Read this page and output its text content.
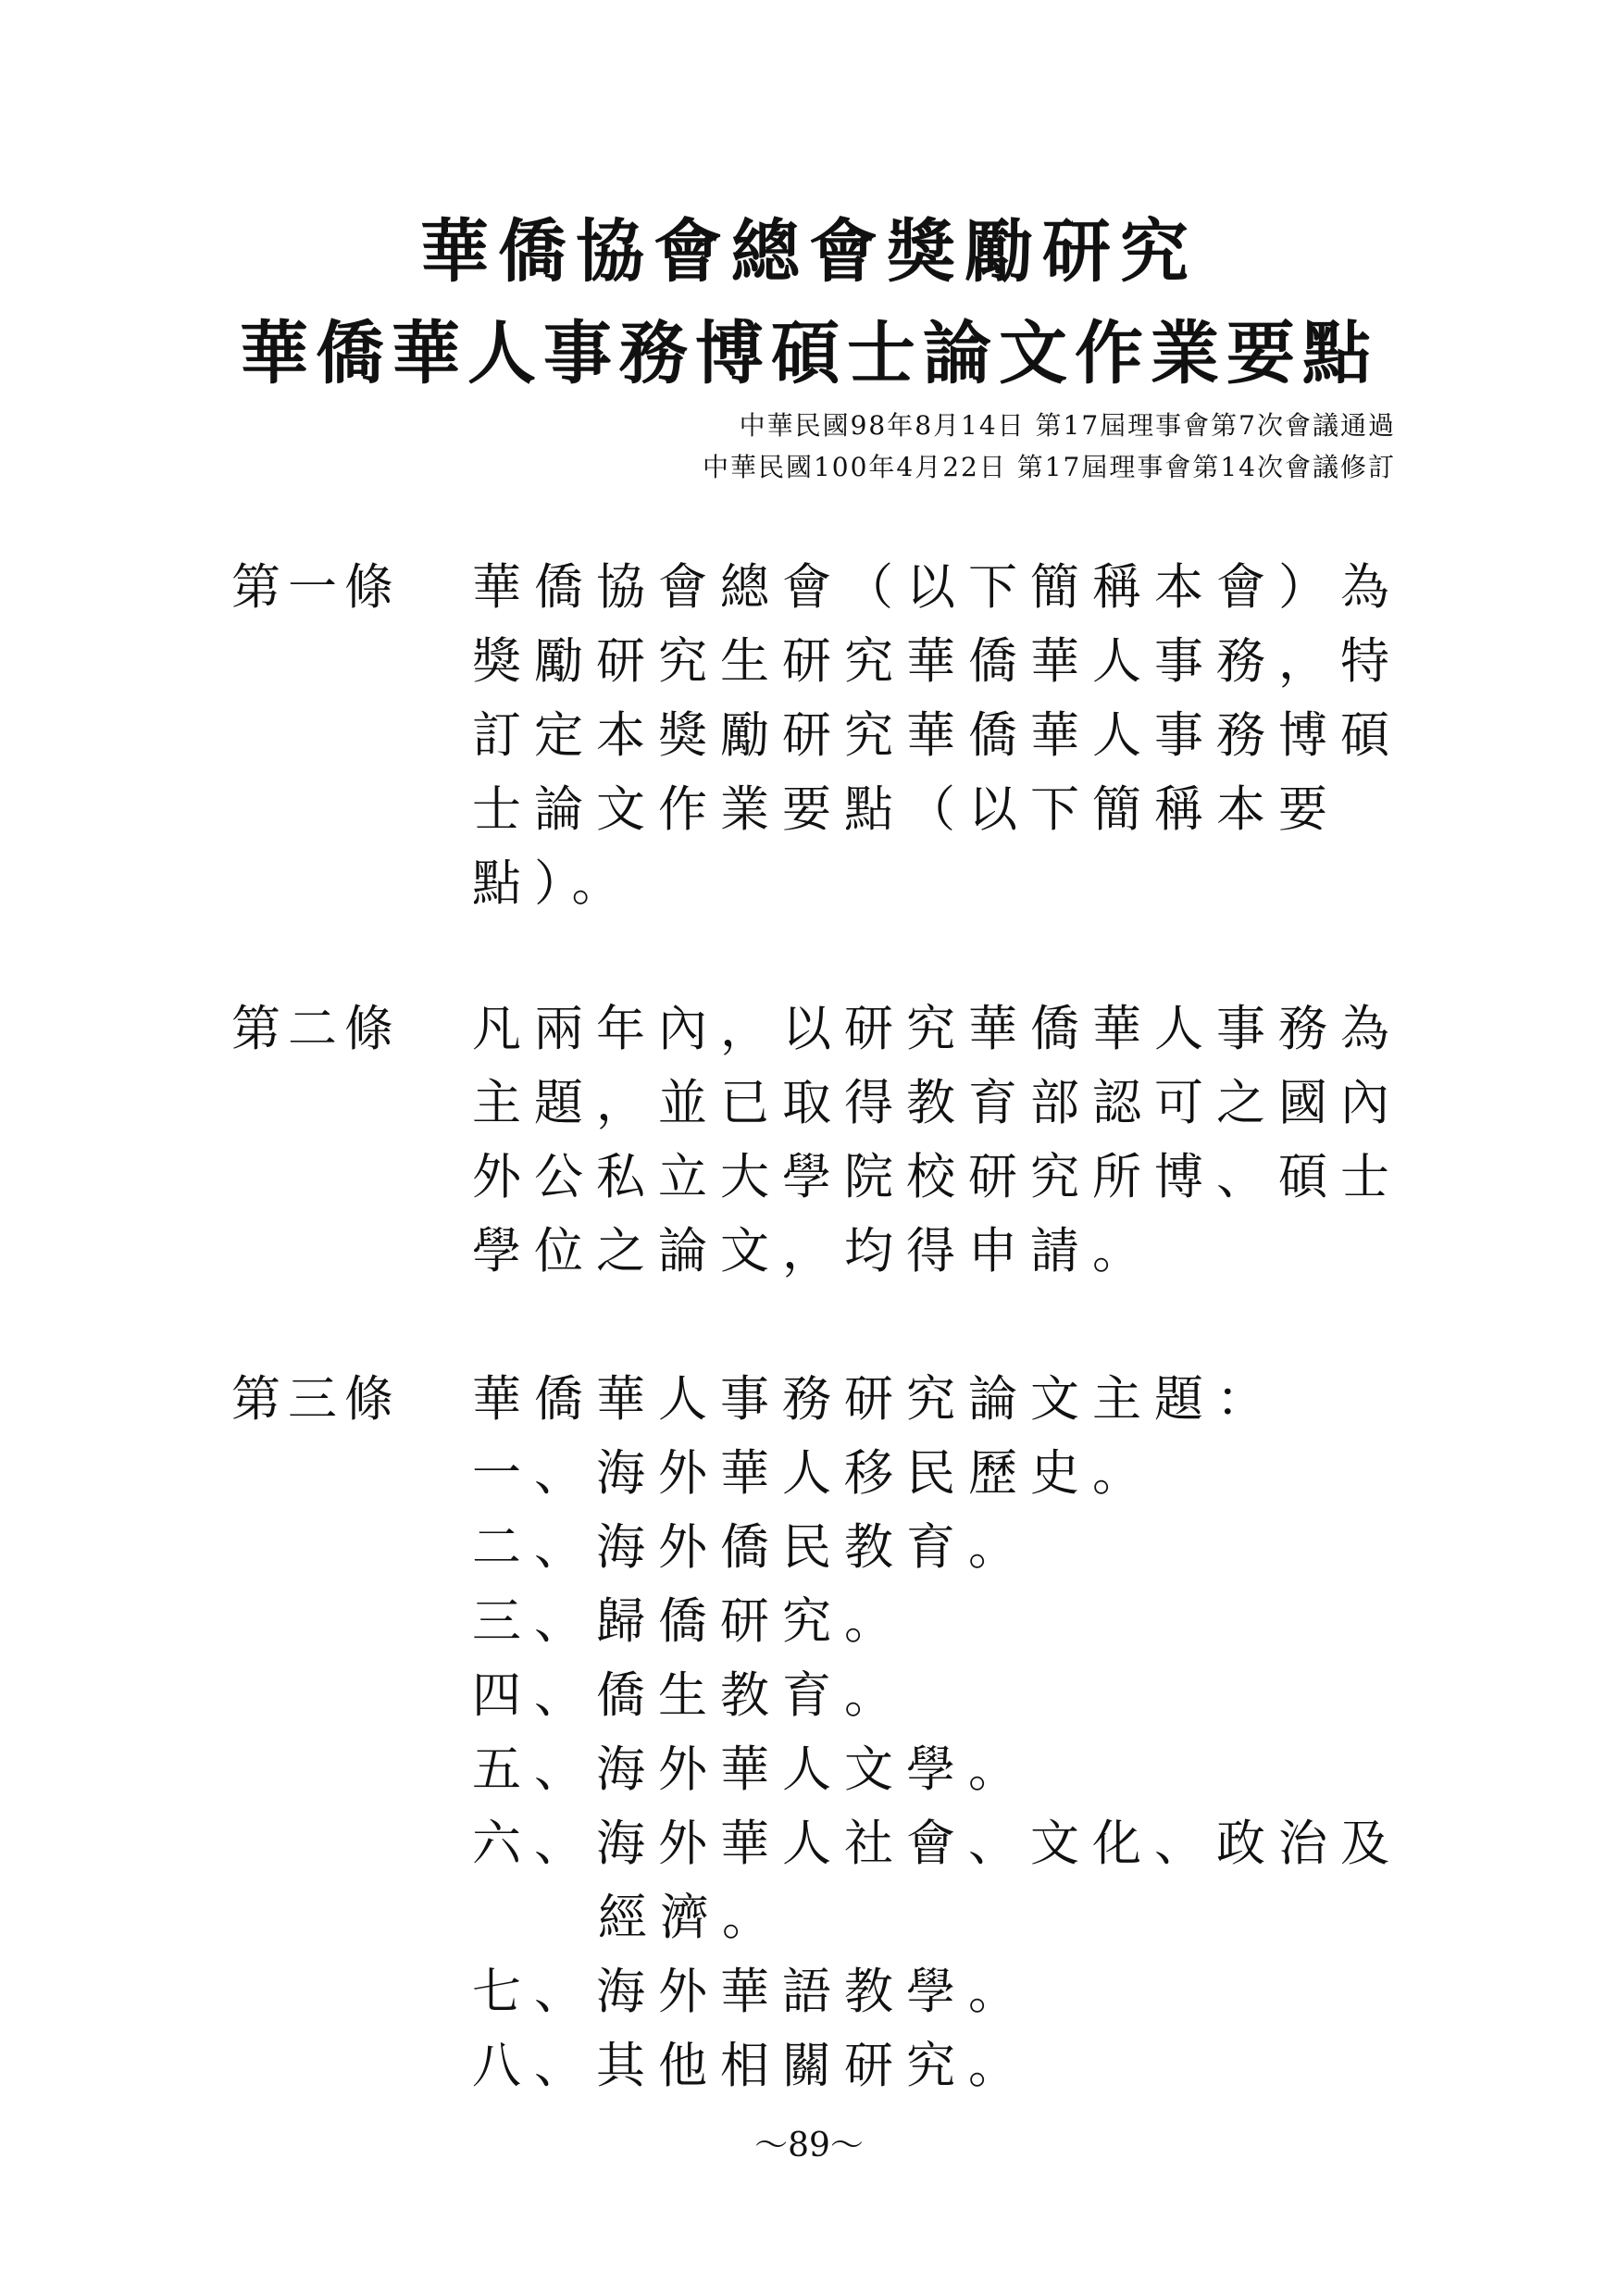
華僑協會總會獎勵研究
華僑華人事務博碩士論文作業要點
中華民國98年8月14日 第17屆理事會第7次會議通過
中華民國100年4月22日 第17屆理事會第14次會議修訂
第一條 華僑協會總會（以下簡稱本會）為
獎勵研究生研究華僑華人事務，特
訂定本獎勵研究華僑華人事務博碩
士論文作業要點（以下簡稱本要
點）。
第二條 凡兩年內，以研究華僑華人事務為
主題，並已取得教育部認可之國內
外公私立大學院校研究所博、碩士
學位之論文，均得申請。
第三條 華僑華人事務研究論文主題：
一、海外華人移民歷史。
二、海外僑民教育。
三、歸僑研究。
四、僑生教育。
五、海外華人文學。
六、海外華人社會、文化、政治及
經濟。
七、海外華語教學。
八、其他相關研究。
～89～
